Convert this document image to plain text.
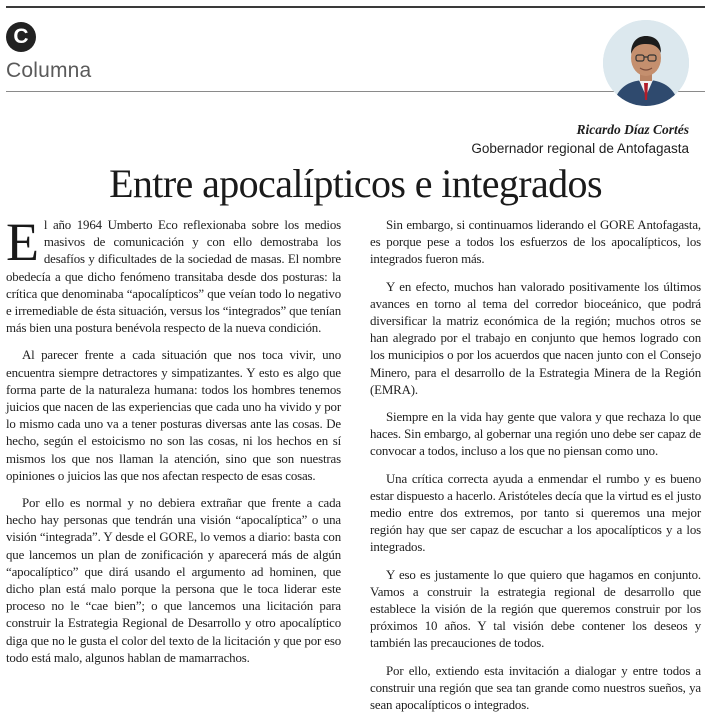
C
Columna
Ricardo Díaz Cortés
Gobernador regional de Antofagasta
Entre apocalípticos e integrados

El año 1964 Umberto Eco reflexionaba sobre los medios masivos de comunicación y con ello demostraba los desafíos y dificultades de la sociedad de masas. El nombre obedecía a que dicho fenómeno transitaba desde dos posturas: la crítica que denominaba “apocalípticos” que veían todo lo negativo e irremediable de ésta situación, versus los “integrados” que tenían más bien una postura benévola respecto de la nueva condición.

Al parecer frente a cada situación que nos toca vivir, uno encuentra siempre detractores y simpatizantes. Y esto es algo que forma parte de la naturaleza humana: todos los hombres tenemos juicios que nacen de las experiencias que cada uno ha vivido y por lo mismo cada uno va a tener posturas diversas ante las cosas. De hecho, según el estoicismo no son las cosas, ni los hechos en sí mismos los que nos llaman la atención, sino que son nuestras opiniones o juicios las que nos afectan respecto de esas cosas.

Por ello es normal y no debiera extrañar que frente a cada hecho hay personas que tendrán una visión “apocalíptica” o una visión “integrada”. Y desde el GORE, lo vemos a diario: basta con que lancemos un plan de zonificación y aparecerá más de algún “apocalíptico” que dirá usando el argumento ad hominen, que dicho plan está malo porque la persona que le toca liderar este proceso no le “cae bien”; o que lancemos una licitación para construir la Estrategia Regional de Desarrollo y otro apocalíptico diga que no le gusta el color del texto de la licitación y que por eso todo está malo, algunos hablan de mamarrachos.

Sin embargo, si continuamos liderando el GORE Antofagasta, es porque pese a todos los esfuerzos de los apocalípticos, los integrados fueron más.

Y en efecto, muchos han valorado positivamente los últimos avances en torno al tema del corredor bioceánico, que podrá diversificar la matriz económica de la región; muchos otros se han alegrado por el trabajo en conjunto que hemos logrado con los municipios o por los acuerdos que nacen junto con el Consejo Minero, para el desarrollo de la Estrategia Minera de la Región (EMRA).

Siempre en la vida hay gente que valora y que rechaza lo que haces. Sin embargo, al gobernar una región uno debe ser capaz de convocar a todos, incluso a los que no piensan como uno.

Una crítica correcta ayuda a enmendar el rumbo y es bueno estar dispuesto a hacerlo. Aristóteles decía que la virtud es el justo medio entre dos extremos, por tanto si queremos una mejor región hay que ser capaz de escuchar a los apocalípticos y a los integrados.

Y eso es justamente lo que quiero que hagamos en conjunto. Vamos a construir la estrategia regional de desarrollo que establece la visión de la región que queremos construir por los próximos 10 años. Y tal visión debe contener los deseos y también las precauciones de todos.

Por ello, extiendo esta invitación a dialogar y entre todos a construir una región que sea tan grande como nuestros sueños, ya sean apocalípticos o integrados.
